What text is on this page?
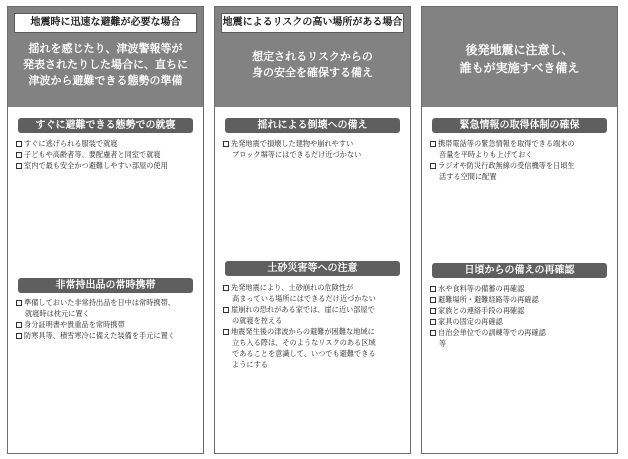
地震時に迅速な避難が必要な場合
揺れを感じたり、津波警報等が
発表されたりした場合に、直ちに
津波から避難できる態勢の準備
すぐに避難できる態勢での就寝
すぐに逃げられる服装で就寝
子どもや高齢者等、要配慮者と同室で就寝
室内で最も安全かつ避難しやすい部屋の使用
非常持出品の常時携帯
準備しておいた非常持出品を日中は常時携帯、
就寝時は枕元に置く
身分証明書や貴重品を常時携帯
防寒具等、積雪寒冷に備えた装備を手元に置く
地震によるリスクの高い場所がある場合
想定されるリスクからの
身の安全を確保する備え
揺れによる倒壊への備え
先発地震で損壊した建物や崩れやすい
ブロック塀等にはできるだけ近づかない
土砂災害等への注意
先発地震により、土砂崩れの危険性が
高まっている場所にはできるだけ近づかない
崖崩れの恐れがある家では、崖に近い部屋で
の就寝を控える
地震発生後の津波からの避難が困難な地域に
立ち入る際は、そのようなリスクのある区域
であることを意識して、いつでも避難できる
ようにする
後発地震に注意し、
誰もが実施すべき備え
緊急情報の取得体制の確保
携帯電話等の緊急情報を取得できる端末の
音量を平時よりも上げておく
ラジオや防災行政無線の受信機等を日頃生
活する空間に配置
日頃からの備えの再確認
水や食料等の備蓄の再確認
避難場所・避難経路等の再確認
家族との連絡手段の再確認
家具の固定の再確認
自治会単位での訓練等での再確認
等
